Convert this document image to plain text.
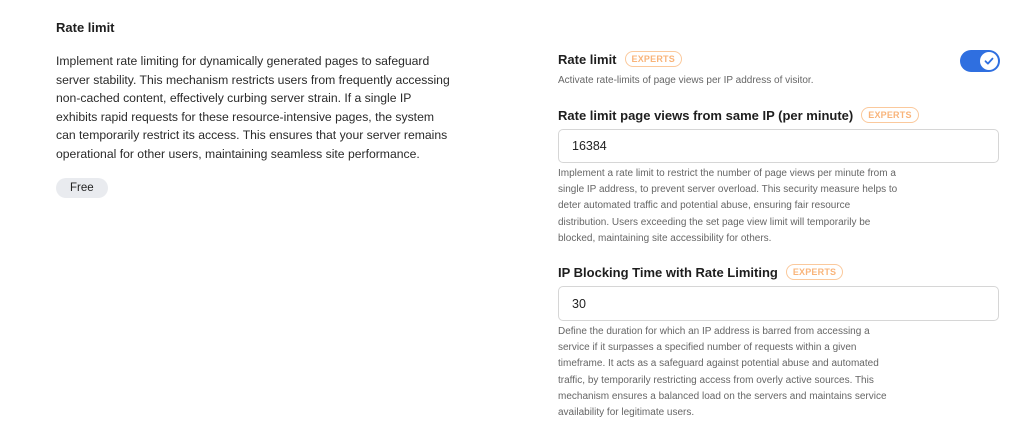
Rate limit
Implement rate limiting for dynamically generated pages to safeguard
server stability. This mechanism restricts users from frequently accessing
non-cached content, effectively curbing server strain. If a single IP
exhibits rapid requests for these resource-intensive pages, the system
can temporarily restrict its access. This ensures that your server remains
operational for other users, maintaining seamless site performance.
Free
Rate limit	EXPERTS
Activate rate-limits of page views per IP address of visitor.
Rate limit page views from same IP (per minute)	EXPERTS
16384
Implement a rate limit to restrict the number of page views per minute from a
single IP address, to prevent server overload. This security measure helps to
deter automated traffic and potential abuse, ensuring fair resource
distribution. Users exceeding the set page view limit will temporarily be
blocked, maintaining site accessibility for others.
IP Blocking Time with Rate Limiting	EXPERTS
30
Define the duration for which an IP address is barred from accessing a
service if it surpasses a specified number of requests within a given
timeframe. It acts as a safeguard against potential abuse and automated
traffic, by temporarily restricting access from overly active sources. This
mechanism ensures a balanced load on the servers and maintains service
availability for legitimate users.
